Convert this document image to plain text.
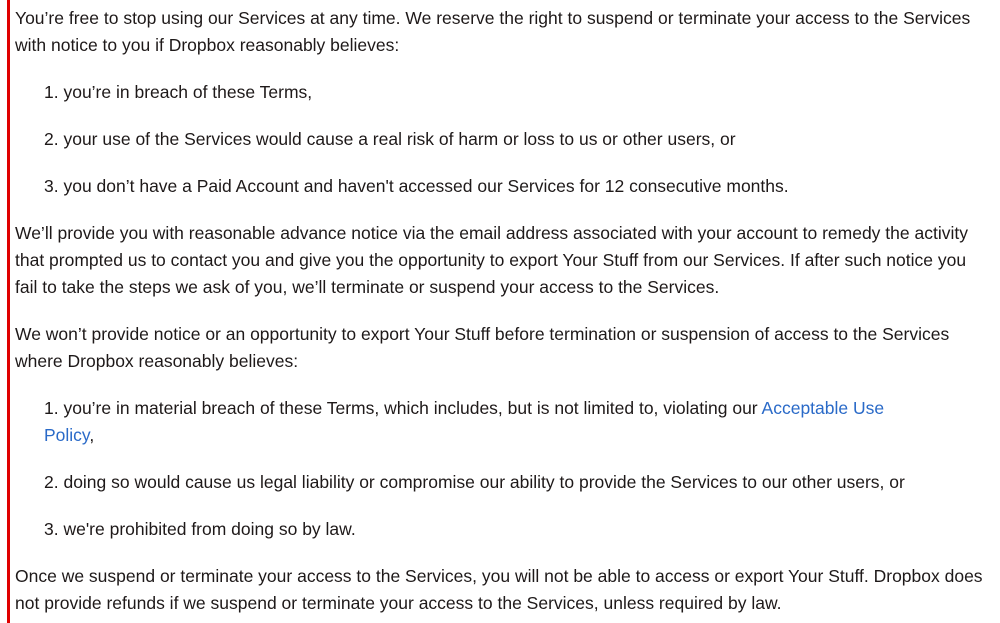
You’re free to stop using our Services at any time. We reserve the right to suspend or terminate your access to the Services with notice to you if Dropbox reasonably believes:

1. you’re in breach of these Terms,
2. your use of the Services would cause a real risk of harm or loss to us or other users, or
3. you don’t have a Paid Account and haven't accessed our Services for 12 consecutive months.

We’ll provide you with reasonable advance notice via the email address associated with your account to remedy the activity that prompted us to contact you and give you the opportunity to export Your Stuff from our Services. If after such notice you fail to take the steps we ask of you, we’ll terminate or suspend your access to the Services.

We won’t provide notice or an opportunity to export Your Stuff before termination or suspension of access to the Services where Dropbox reasonably believes:

1. you’re in material breach of these Terms, which includes, but is not limited to, violating our Acceptable Use Policy,
2. doing so would cause us legal liability or compromise our ability to provide the Services to our other users, or
3. we're prohibited from doing so by law.

Once we suspend or terminate your access to the Services, you will not be able to access or export Your Stuff. Dropbox does not provide refunds if we suspend or terminate your access to the Services, unless required by law.
